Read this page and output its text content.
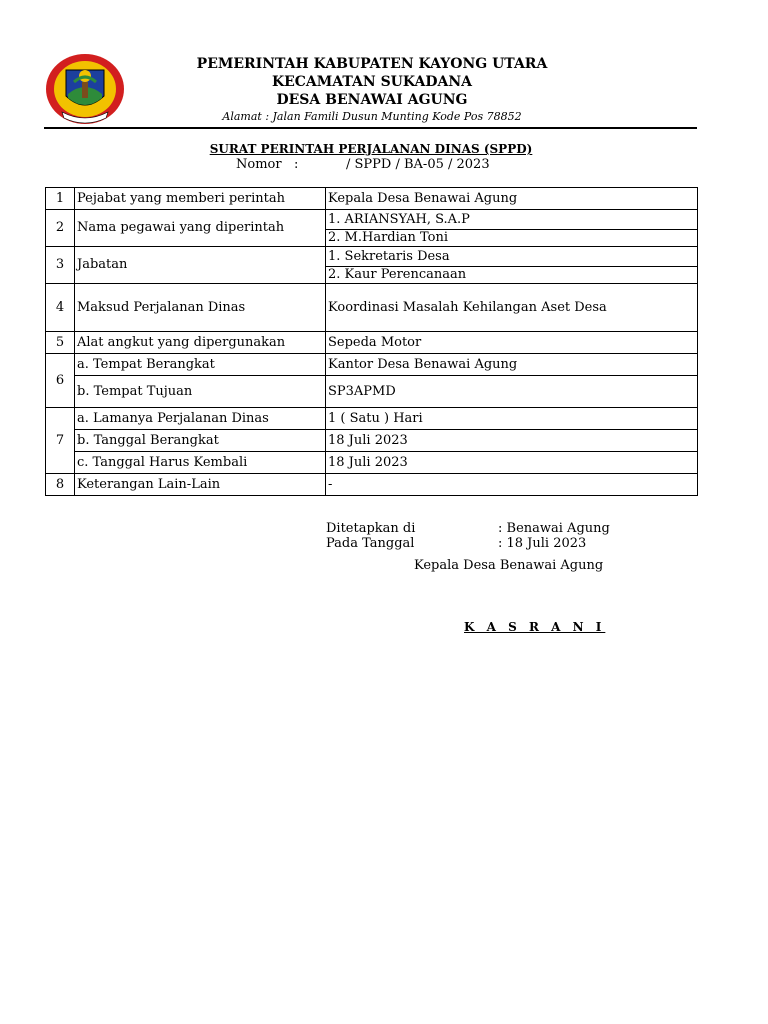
PEMERINTAH KABUPATEN KAYONG UTARA
KECAMATAN SUKADANA
DESA BENAWAI AGUNG
Alamat : Jalan Famili Dusun Munting Kode Pos 78852
SURAT PERINTAH PERJALANAN DINAS (SPPD)
Nomor :	/ SPPD / BA-05 / 2023
1	Pejabat yang memberi perintah	Kepala Desa Benawai Agung
2	Nama pegawai yang diperintah	1. ARIANSYAH, S.A.P
		2. M.Hardian Toni
3	Jabatan	1. Sekretaris Desa
		2. Kaur Perencanaan
4	Maksud Perjalanan Dinas	Koordinasi Masalah Kehilangan Aset Desa
5	Alat angkut yang dipergunakan	Sepeda Motor
6	a. Tempat Berangkat	Kantor Desa Benawai Agung
	b. Tempat Tujuan	SP3APMD
7	a. Lamanya Perjalanan Dinas	1 ( Satu ) Hari
	b. Tanggal Berangkat	18 Juli 2023
	c. Tanggal Harus Kembali	18 Juli 2023
8	Keterangan Lain-Lain	-
Ditetapkan di	: Benawai Agung
Pada Tanggal	: 18 Juli 2023
Kepala Desa Benawai Agung
K A S R A N I
